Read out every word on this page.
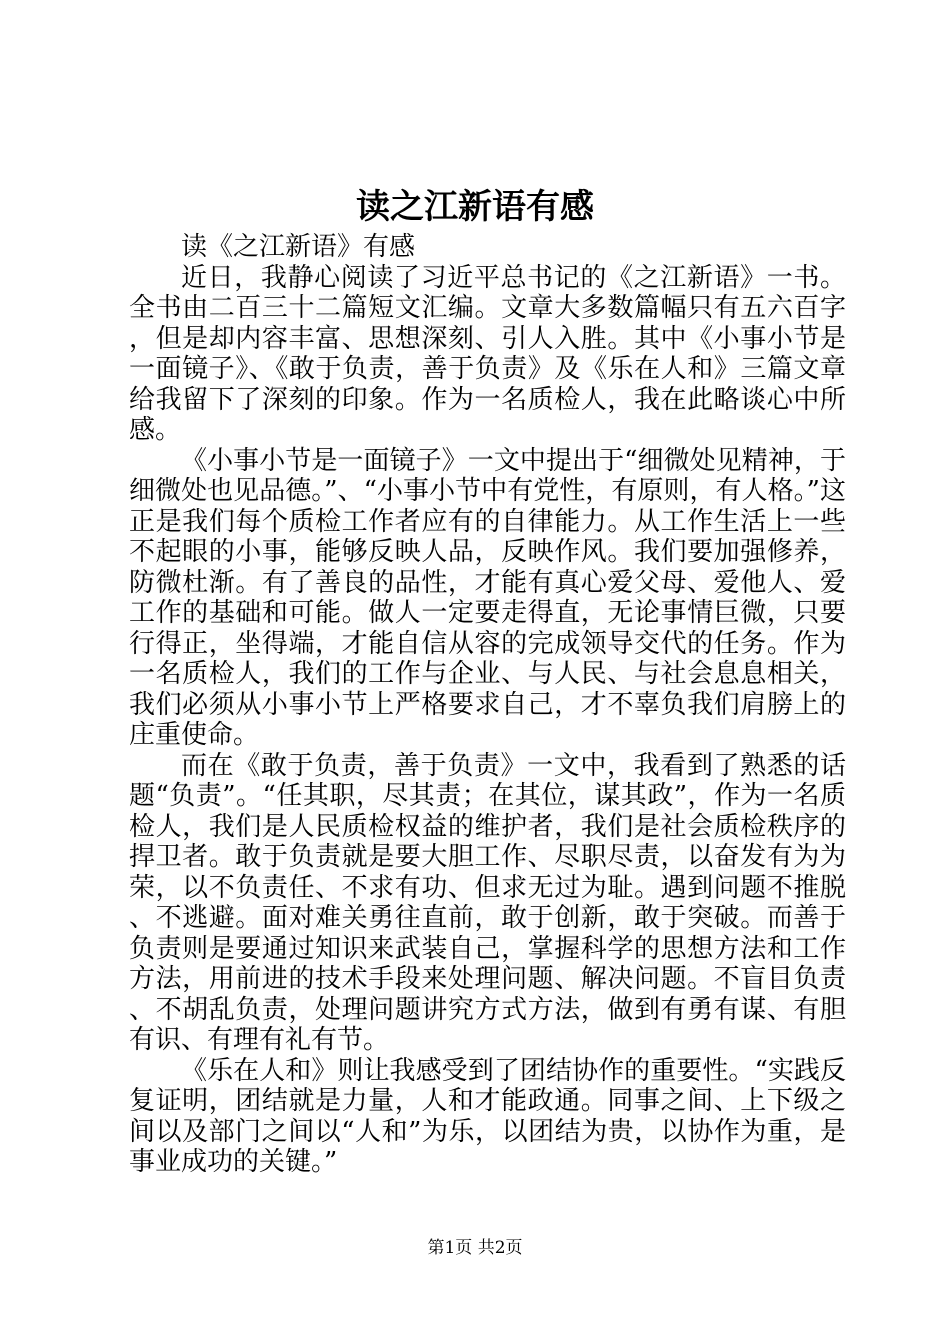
读之江新语有感

读《之江新语》有感

近日，我静心阅读了习近平总书记的《之江新语》一书。全书由二百三十二篇短文汇编。文章大多数篇幅只有五六百字，但是却内容丰富、思想深刻、引人入胜。其中《小事小节是一面镜子》、《敢于负责，善于负责》及《乐在人和》三篇文章给我留下了深刻的印象。作为一名质检人，我在此略谈心中所感。

《小事小节是一面镜子》一文中提出于“细微处见精神，于细微处也见品德。”、“小事小节中有党性，有原则，有人格。”这正是我们每个质检工作者应有的自律能力。从工作生活上一些不起眼的小事，能够反映人品，反映作风。我们要加强修养，防微杜渐。有了善良的品性，才能有真心爱父母、爱他人、爱工作的基础和可能。做人一定要走得直，无论事情巨微，只要行得正，坐得端，才能自信从容的完成领导交代的任务。作为一名质检人，我们的工作与企业、与人民、与社会息息相关，我们必须从小事小节上严格要求自己，才不辜负我们肩膀上的庄重使命。

而在《敢于负责，善于负责》一文中，我看到了熟悉的话题“负责”。“任其职，尽其责；在其位，谋其政”，作为一名质检人，我们是人民质检权益的维护者，我们是社会质检秩序的捍卫者。敢于负责就是要大胆工作、尽职尽责，以奋发有为为荣，以不负责任、不求有功、但求无过为耻。遇到问题不推脱、不逃避。面对难关勇往直前，敢于创新，敢于突破。而善于负责则是要通过知识来武装自己，掌握科学的思想方法和工作方法，用前进的技术手段来处理问题、解决问题。不盲目负责、不胡乱负责，处理问题讲究方式方法，做到有勇有谋、有胆有识、有理有礼有节。

《乐在人和》则让我感受到了团结协作的重要性。“实践反复证明，团结就是力量，人和才能政通。同事之间、上下级之间以及部门之间以“人和”为乐，以团结为贵，以协作为重，是事业成功的关键。”

第1页 共2页
